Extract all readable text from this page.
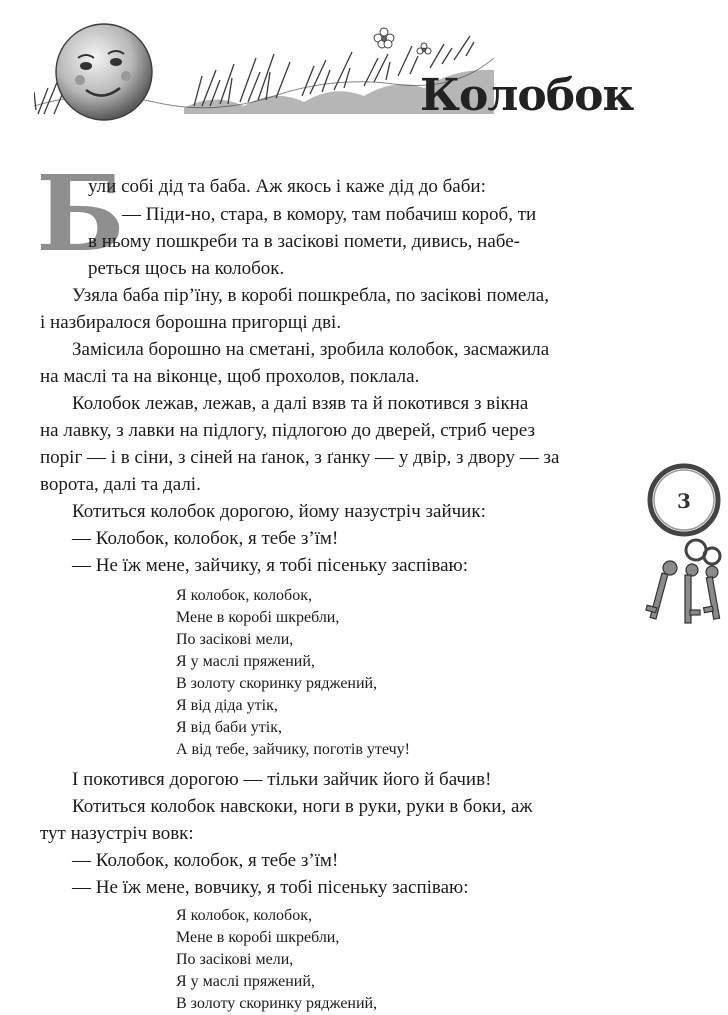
Колобок
Б

ули собі дід та баба. Аж якось і каже дід до баби:

— Піди-но, стара, в комору, там побачиш короб, ти

в ньому пошкреби та в засікові помети, дивись, набе-

реться щось на колобок.

Узяла баба пір’їну, в коробі пошкребла, по засікові помела,

і назбиралося борошна пригорщі дві.

Замісила борошно на сметані, зробила колобок, засмажила

на маслі та на віконце, щоб прохолов, поклала.

Колобок лежав, лежав, а далі взяв та й покотився з вікна

на лавку, з лавки на підлогу, підлогою до дверей, стриб через

поріг — і в сіни, з сіней на ґанок, з ґанку — у двір, з двору — за

ворота, далі та далі.

Котиться колобок дорогою, йому назустріч зайчик:

— Колобок, колобок, я тебе з’їм!

— Не їж мене, зайчику, я тобі пісеньку заспіваю:

Я колобок, колобок,

Мене в коробі шкребли,

По засікові мели,

Я у маслі пряжений,

В золоту скоринку ряджений,

Я від діда утік,

Я від баби утік,

А від тебе, зайчику, поготів утечу!

І покотився дорогою — тільки зайчик його й бачив!

Котиться колобок навскоки, ноги в руки, руки в боки, аж

тут назустріч вовк:

— Колобок, колобок, я тебе з’їм!

— Не їж мене, вовчику, я тобі пісеньку заспіваю:

Я колобок, колобок,

Мене в коробі шкребли,

По засікові мели,

Я у маслі пряжений,

В золоту скоринку ряджений,

3
